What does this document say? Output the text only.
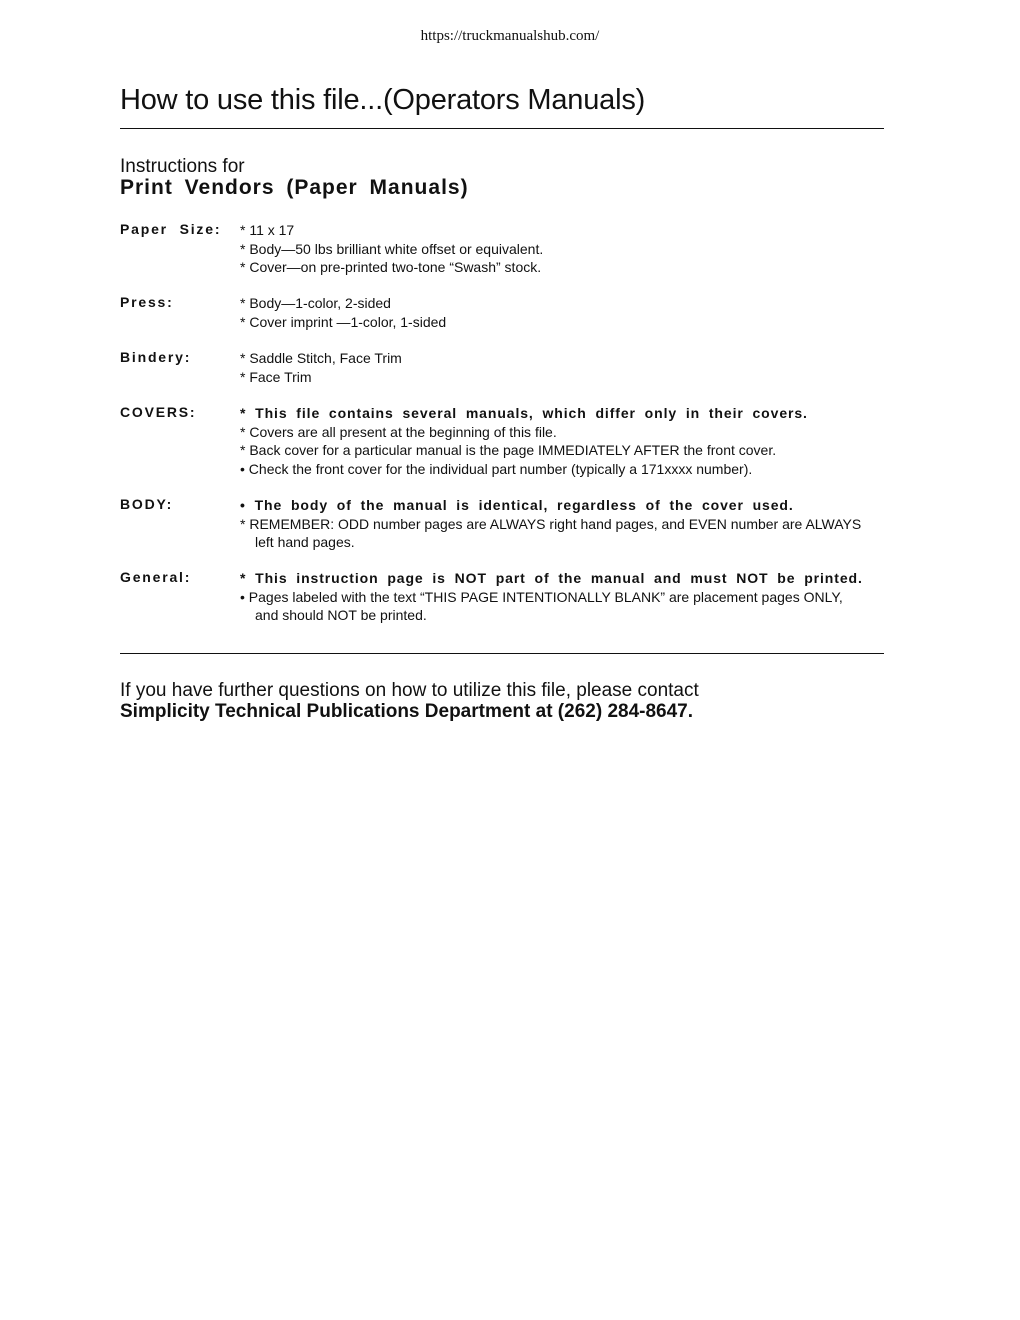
https://truckmanualshub.com/
How to use this file...(Operators Manuals)
Instructions for
Print Vendors (Paper Manuals)
Paper Size: * 11 x 17
* Body—50 lbs brilliant white offset or equivalent.
* Cover—on pre-printed two-tone “Swash” stock.
Press:	* Body—1-color, 2-sided
* Cover imprint —1-color, 1-sided
Bindery:	* Saddle Stitch, Face Trim
* Face Trim
COVERS:	* This file contains several manuals, which differ only in their covers.
* Covers are all present at the beginning of this file.
* Back cover for a particular manual is the page IMMEDIATELY AFTER the front cover.
• Check the front cover for the individual part number (typically a 171xxxx number).
BODY:	• The body of the manual is identical, regardless of the cover used.
* REMEMBER: ODD number pages are ALWAYS right hand pages, and EVEN number are ALWAYS
left hand pages.
General:	* This instruction page is NOT part of the manual and must NOT be printed.
• Pages labeled with the text “THIS PAGE INTENTIONALLY BLANK” are placement pages ONLY,
and should NOT be printed.
If you have further questions on how to utilize this file, please contact
Simplicity Technical Publications Department at (262) 284-8647.
